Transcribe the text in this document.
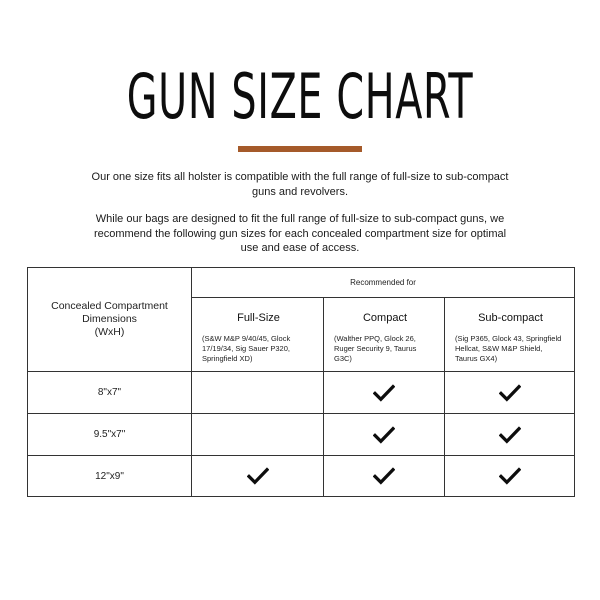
GUN SIZE CHART

Our one size fits all holster is compatible with the full range of full-size to sub-compact guns and revolvers.

While our bags are designed to fit the full range of full-size to sub-compact guns, we recommend the following gun sizes for each concealed compartment size for optimal use and ease of access.

Recommended for
Concealed Compartment
Dimensions
(WxH)
Full-Size
(S&W M&P 9/40/45, Glock 17/19/34, Sig Sauer P320, Springfield XD)
Compact
(Walther PPQ, Glock 26, Ruger Security 9, Taurus G3C)
Sub-compact
(Sig P365, Glock 43, Springfield Hellcat, S&W M&P Shield, Taurus GX4)
8"x7"
9.5"x7"
12"x9"
